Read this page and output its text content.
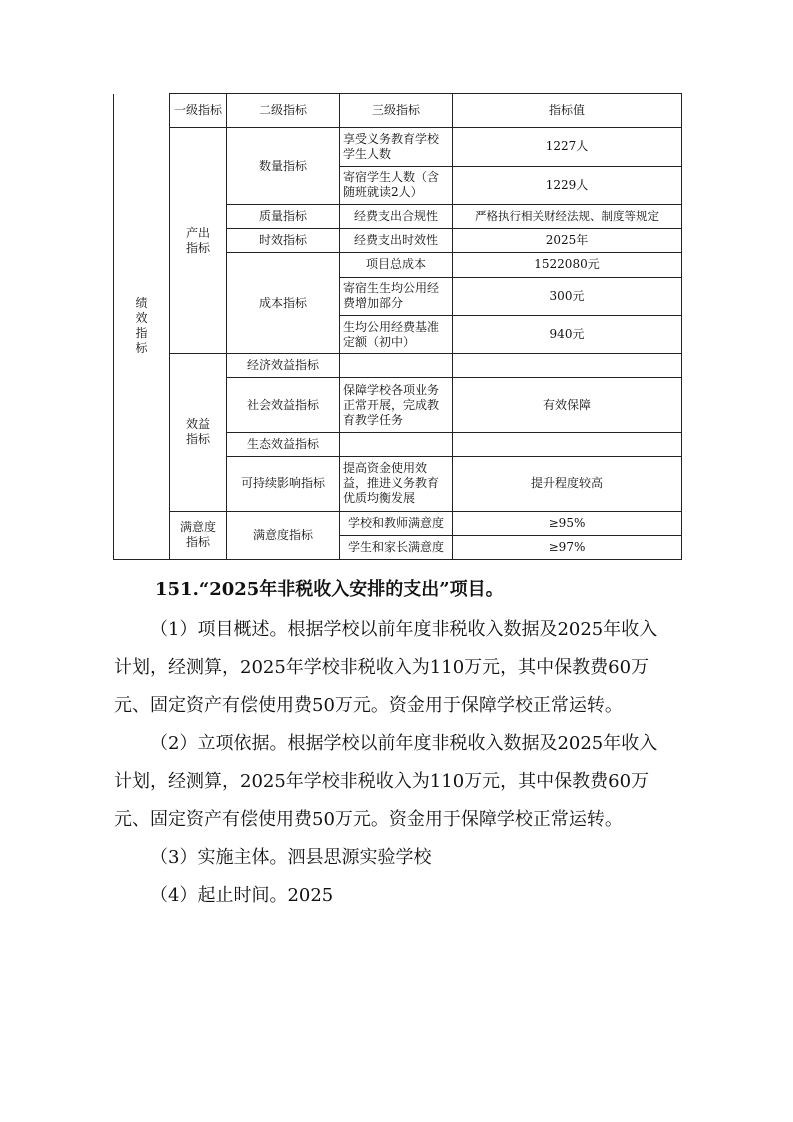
绩效指标	一级指标	二级指标	三级指标	指标值
	产出指标	数量指标	享受义务教育学校学生人数	1227人
			寄宿学生人数（含随班就读2人）	1229人
		质量指标	经费支出合规性	严格执行相关财经法规、制度等规定
		时效指标	经费支出时效性	2025年
		成本指标	项目总成本	1522080元
			寄宿生生均公用经费增加部分	300元
			生均公用经费基准定额（初中）	940元
	效益指标	经济效益指标		
		社会效益指标	保障学校各项业务正常开展，完成教育教学任务	有效保障
		生态效益指标		
		可持续影响指标	提高资金使用效益，推进义务教育优质均衡发展	提升程度较高
	满意度指标	满意度指标	学校和教师满意度	≥95%
			学生和家长满意度	≥97%

151.“2025年非税收入安排的支出”项目。

（1）项目概述。根据学校以前年度非税收入数据及2025年收入计划，经测算，2025年学校非税收入为110万元，其中保教费60万元、固定资产有偿使用费50万元。资金用于保障学校正常运转。

（2）立项依据。根据学校以前年度非税收入数据及2025年收入计划，经测算，2025年学校非税收入为110万元，其中保教费60万元、固定资产有偿使用费50万元。资金用于保障学校正常运转。

（3）实施主体。泗县思源实验学校

（4）起止时间。2025
